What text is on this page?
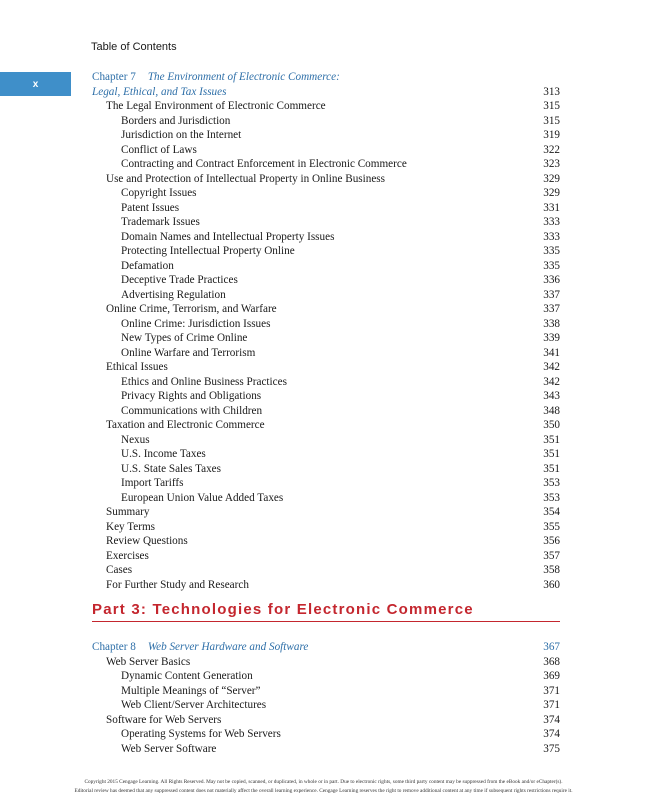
Table of Contents
x
Chapter 7 The Environment of Electronic Commerce:
Legal, Ethical, and Tax Issues	313
The Legal Environment of Electronic Commerce	315
Borders and Jurisdiction	315
Jurisdiction on the Internet	319
Conflict of Laws	322
Contracting and Contract Enforcement in Electronic Commerce	323
Use and Protection of Intellectual Property in Online Business	329
Copyright Issues	329
Patent Issues	331
Trademark Issues	333
Domain Names and Intellectual Property Issues	333
Protecting Intellectual Property Online	335
Defamation	335
Deceptive Trade Practices	336
Advertising Regulation	337
Online Crime, Terrorism, and Warfare	337
Online Crime: Jurisdiction Issues	338
New Types of Crime Online	339
Online Warfare and Terrorism	341
Ethical Issues	342
Ethics and Online Business Practices	342
Privacy Rights and Obligations	343
Communications with Children	348
Taxation and Electronic Commerce	350
Nexus	351
U.S. Income Taxes	351
U.S. State Sales Taxes	351
Import Tariffs	353
European Union Value Added Taxes	353
Summary	354
Key Terms	355
Review Questions	356
Exercises	357
Cases	358
For Further Study and Research	360
Part 3: Technologies for Electronic Commerce
Chapter 8 Web Server Hardware and Software	367
Web Server Basics	368
Dynamic Content Generation	369
Multiple Meanings of “Server”	371
Web Client/Server Architectures	371
Software for Web Servers	374
Operating Systems for Web Servers	374
Web Server Software	375
Copyright 2015 Cengage Learning. All Rights Reserved. May not be copied, scanned, or duplicated, in whole or in part. Due to electronic rights, some third party content may be suppressed from the eBook and/or eChapter(s).
Editorial review has deemed that any suppressed content does not materially affect the overall learning experience. Cengage Learning reserves the right to remove additional content at any time if subsequent rights restrictions require it.
